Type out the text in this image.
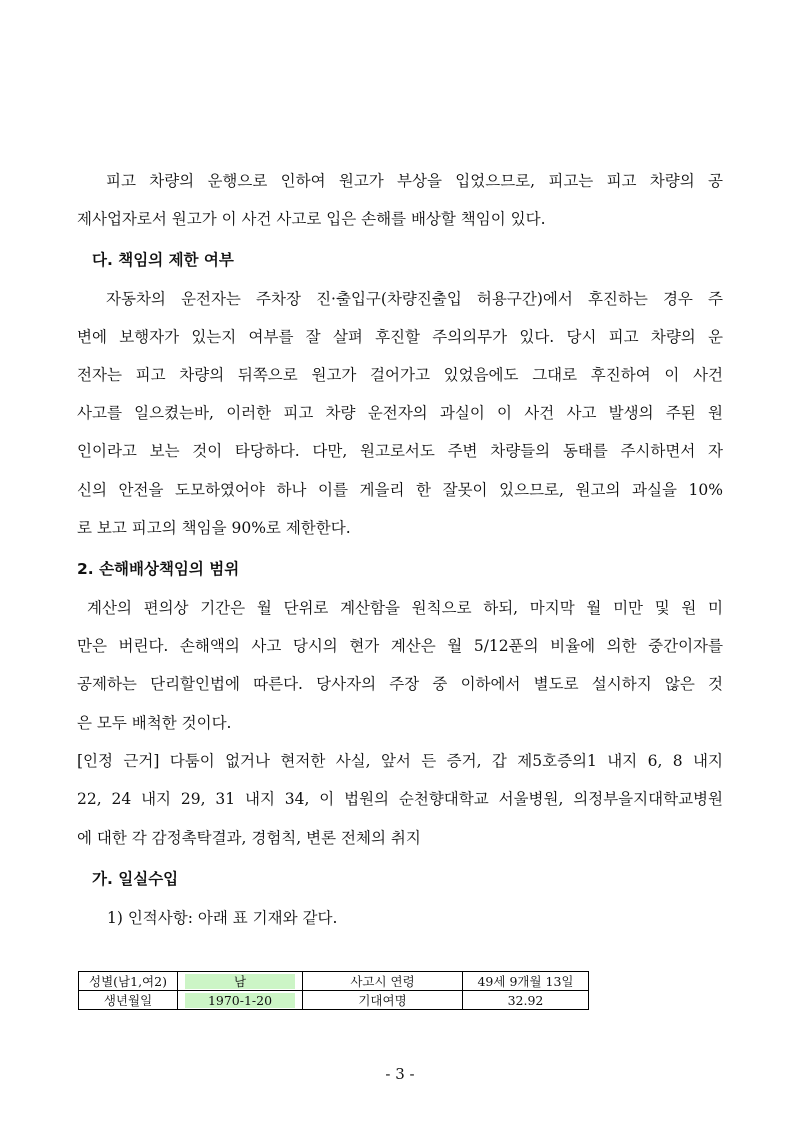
피고 차량의 운행으로 인하여 원고가 부상을 입었으므로, 피고는 피고 차량의 공
제사업자로서 원고가 이 사건 사고로 입은 손해를 배상할 책임이 있다.
다. 책임의 제한 여부
자동차의 운전자는 주차장 진·출입구(차량진출입 허용구간)에서 후진하는 경우 주
변에 보행자가 있는지 여부를 잘 살펴 후진할 주의의무가 있다. 당시 피고 차량의 운
전자는 피고 차량의 뒤쪽으로 원고가 걸어가고 있었음에도 그대로 후진하여 이 사건
사고를 일으켰는바, 이러한 피고 차량 운전자의 과실이 이 사건 사고 발생의 주된 원
인이라고 보는 것이 타당하다. 다만, 원고로서도 주변 차량들의 동태를 주시하면서 자
신의 안전을 도모하였어야 하나 이를 게을리 한 잘못이 있으므로, 원고의 과실을 10%
로 보고 피고의 책임을 90%로 제한한다.
2. 손해배상책임의 범위
계산의 편의상 기간은 월 단위로 계산함을 원칙으로 하되, 마지막 월 미만 및 원 미
만은 버린다. 손해액의 사고 당시의 현가 계산은 월 5/12푼의 비율에 의한 중간이자를
공제하는 단리할인법에 따른다. 당사자의 주장 중 이하에서 별도로 설시하지 않은 것
은 모두 배척한 것이다.
[인정 근거] 다툼이 없거나 현저한 사실, 앞서 든 증거, 갑 제5호증의1 내지 6, 8 내지
22, 24 내지 29, 31 내지 34, 이 법원의 순천향대학교 서울병원, 의정부을지대학교병원
에 대한 각 감정촉탁결과, 경험칙, 변론 전체의 취지
가. 일실수입
1) 인적사항: 아래 표 기재와 같다.
성별(남1,여2)	남	사고시 연령	49세 9개월 13일
생년월일	1970-1-20	기대여명	32.92
- 3 -
